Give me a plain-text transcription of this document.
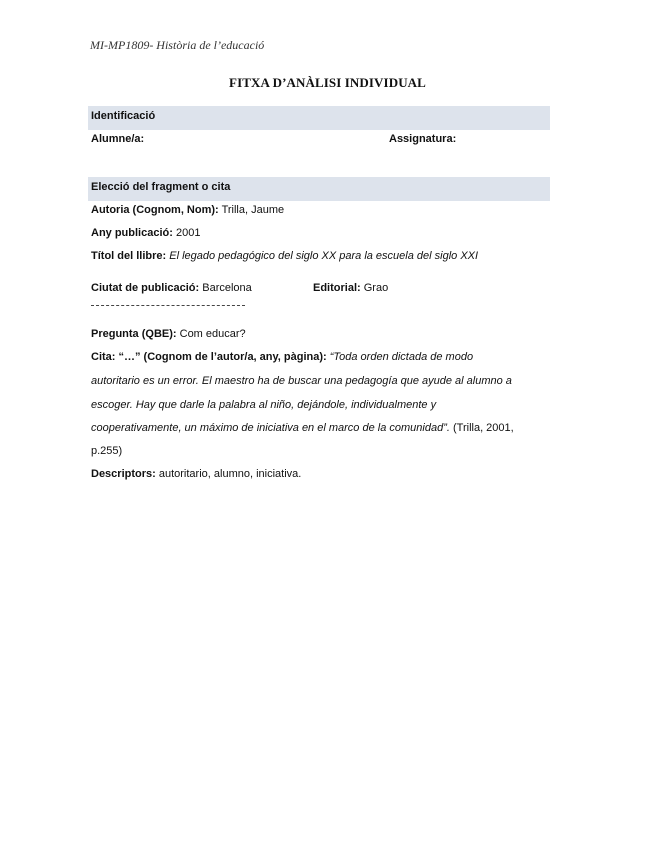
MI-MP1809- Història de l’educació
FITXA D’ANÀLISI INDIVIDUAL
Identificació
Alumne/a:	Assignatura:
Elecció del fragment o cita
Autoria (Cognom, Nom): Trilla, Jaume
Any publicació: 2001
Títol del llibre: El legado pedagógico del siglo XX para la escuela del siglo XXI
Ciutat de publicació: Barcelona	Editorial: Grao
Pregunta (QBE): Com educar?
Cita: “…” (Cognom de l’autor/a, any, pàgina): “Toda orden dictada de modo
autoritario es un error. El maestro ha de buscar una pedagogía que ayude al alumno a
escoger. Hay que darle la palabra al niño, dejándole, individualmente y
cooperativamente, un máximo de iniciativa en el marco de la comunidad”. (Trilla, 2001,
p.255)
Descriptors: autoritario, alumno, iniciativa.
